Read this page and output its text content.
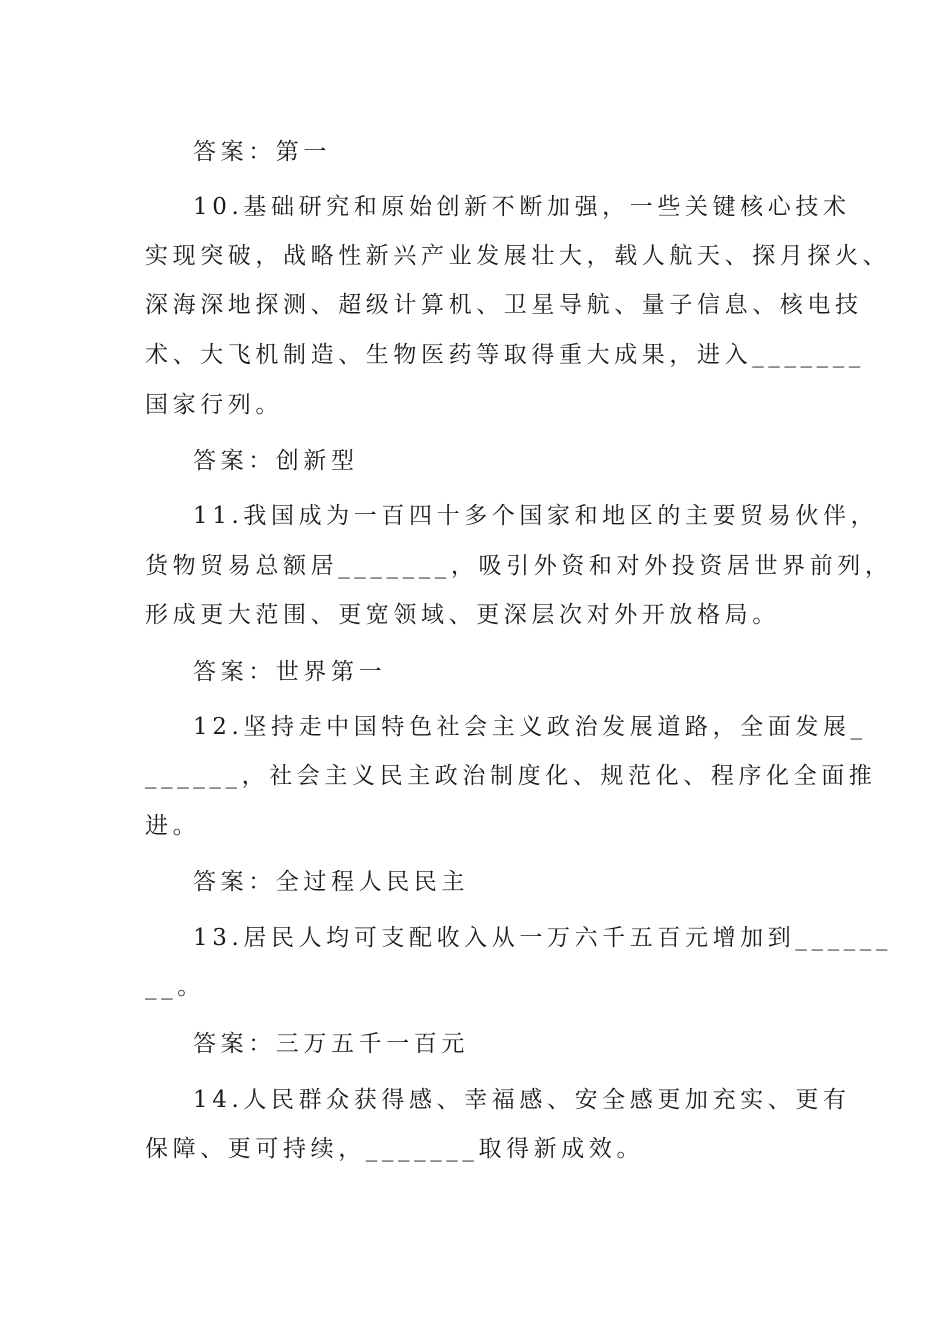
答案：第一
10.基础研究和原始创新不断加强，一些关键核心技术
实现突破，战略性新兴产业发展壮大，载人航天、探月探火、
深海深地探测、超级计算机、卫星导航、量子信息、核电技
术、大飞机制造、生物医药等取得重大成果，进入_______
国家行列。
答案：创新型
11.我国成为一百四十多个国家和地区的主要贸易伙伴，
货物贸易总额居_______，吸引外资和对外投资居世界前列，
形成更大范围、更宽领域、更深层次对外开放格局。
答案：世界第一
12.坚持走中国特色社会主义政治发展道路，全面发展_
______，社会主义民主政治制度化、规范化、程序化全面推
进。
答案：全过程人民民主
13.居民人均可支配收入从一万六千五百元增加到______
__。
答案：三万五千一百元
14.人民群众获得感、幸福感、安全感更加充实、更有
保障、更可持续，_______取得新成效。
